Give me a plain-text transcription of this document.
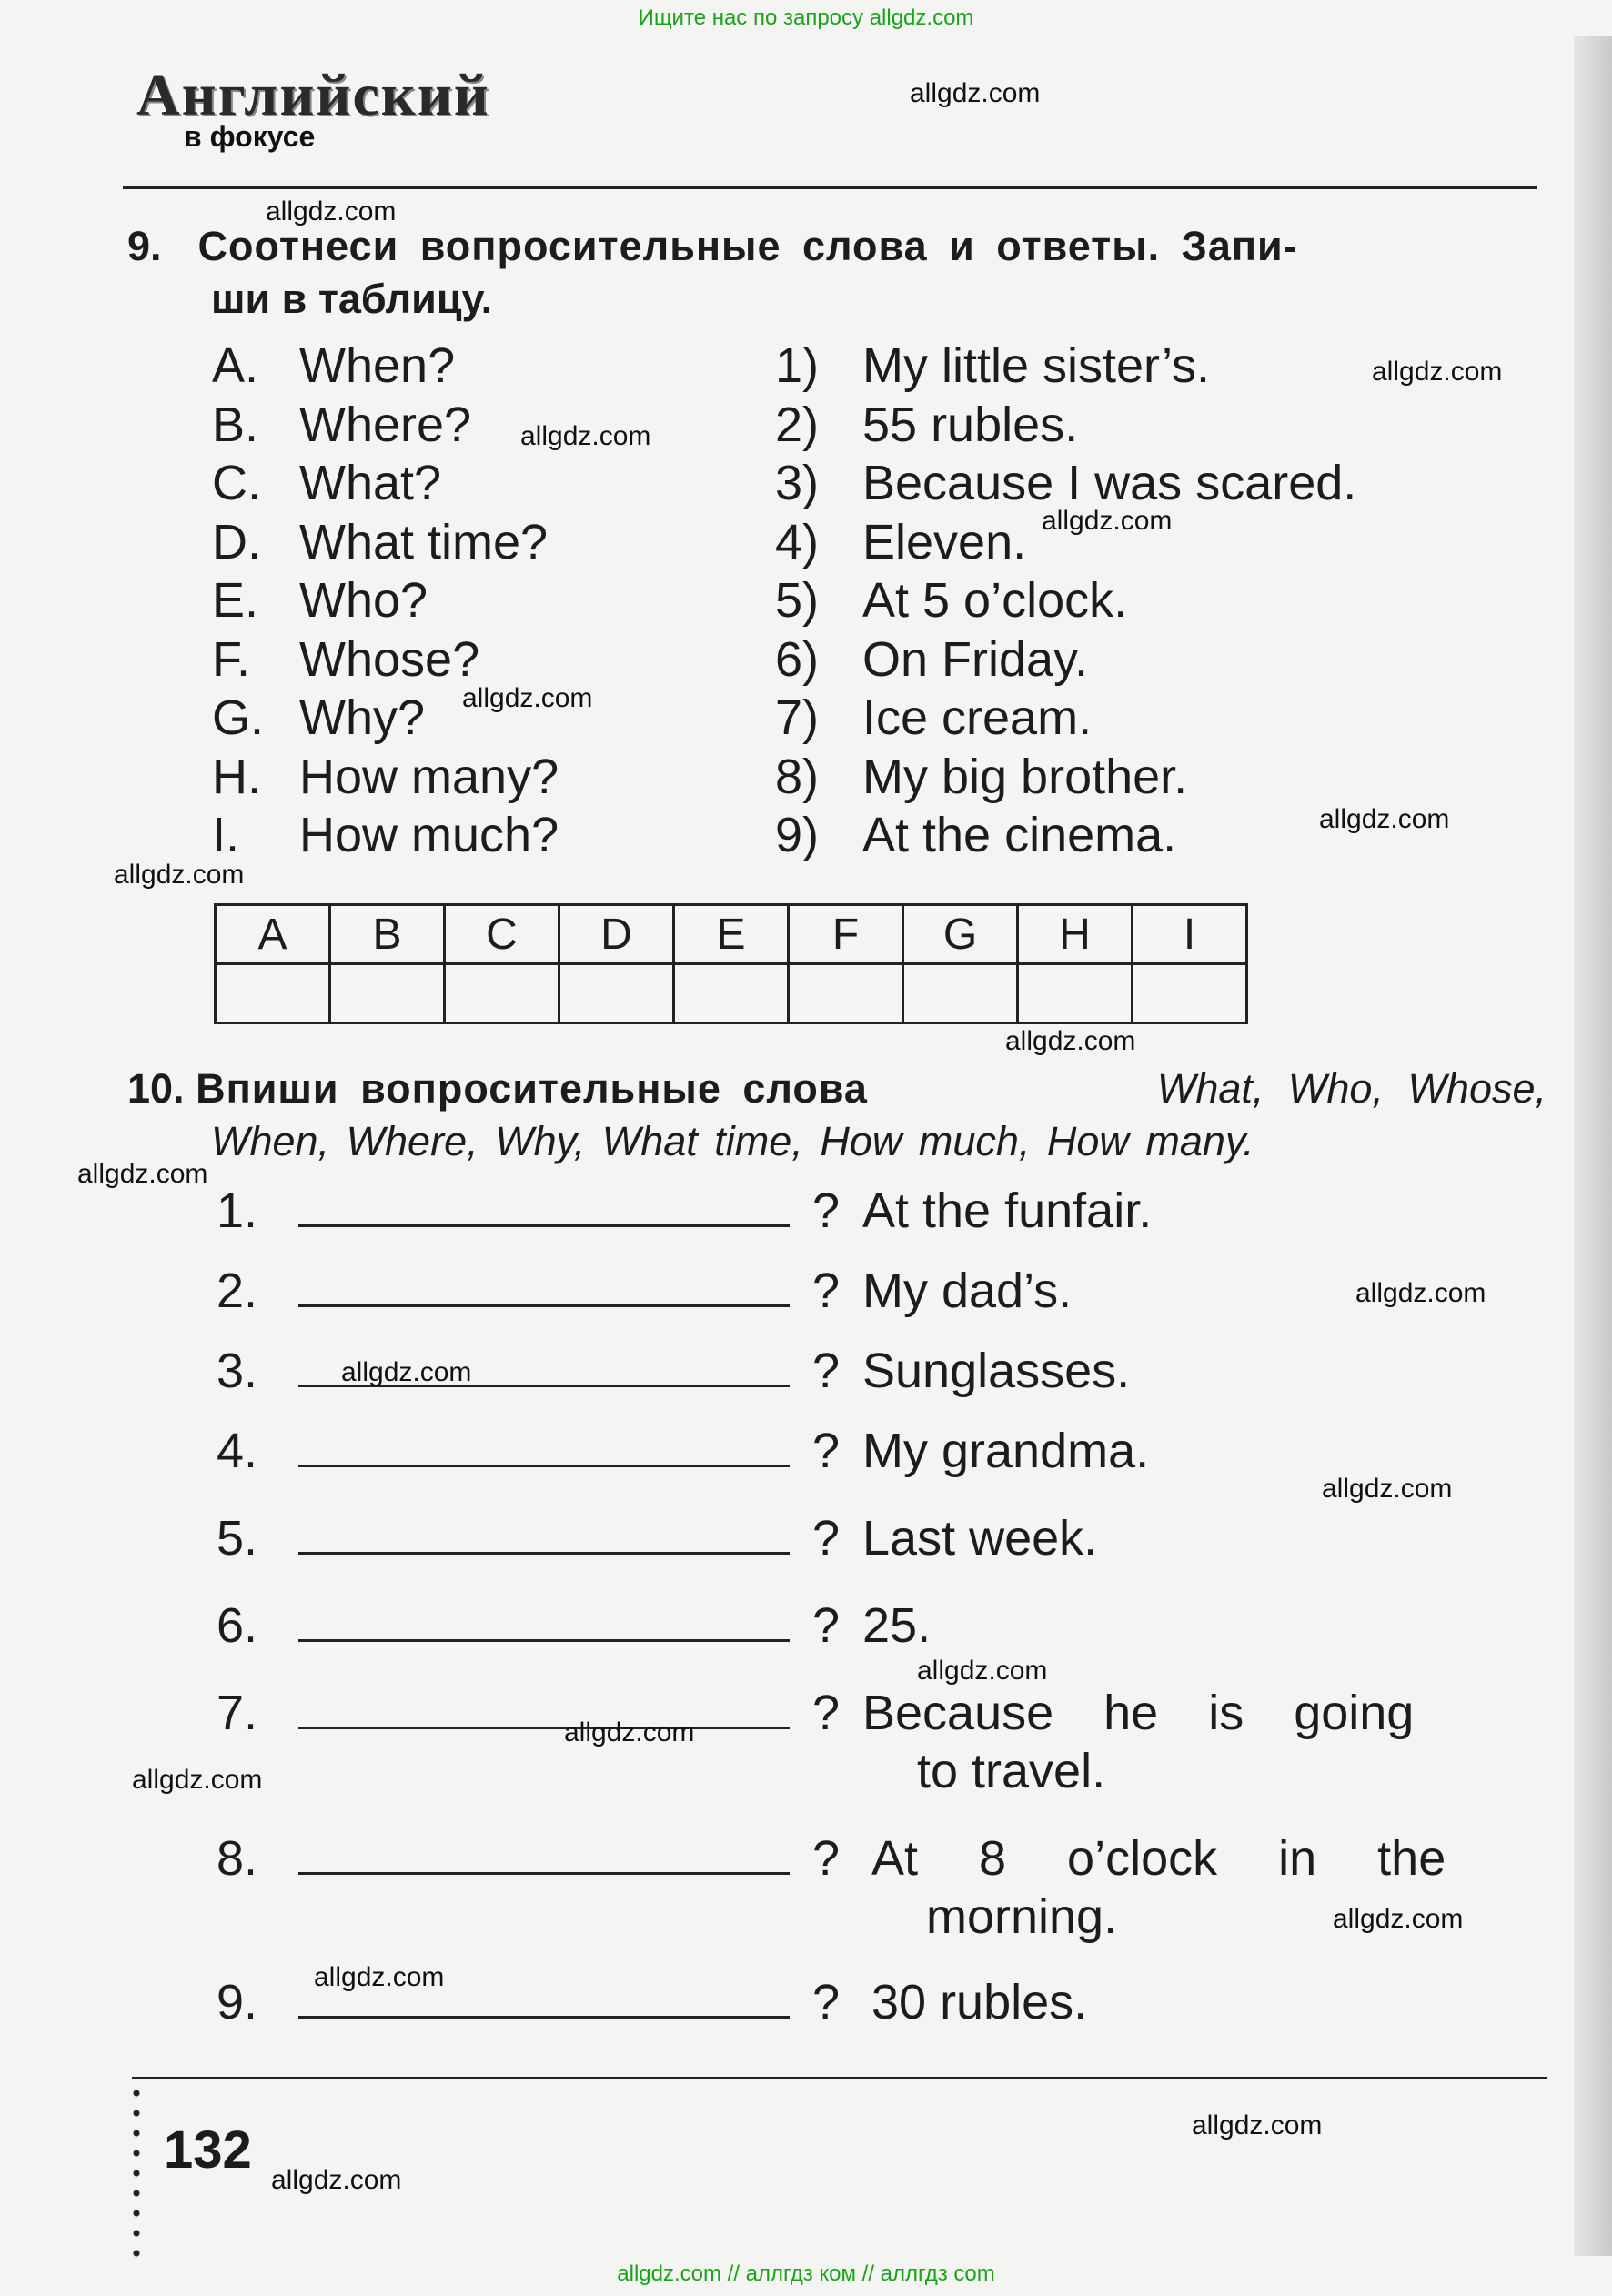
Ищите нас по запросу allgdz.com
Английский
в фокусе
allgdz.com
allgdz.com
9. Соотнеси вопросительные слова и ответы. Запи-
ши в таблицу.
A. When?
B. Where?
C. What?
D. What time?
E. Who?
F. Whose?
G. Why?
H. How many?
I. How much?
1) My little sister’s.
2) 55 rubles.
3) Because I was scared.
4) Eleven.
5) At 5 o’clock.
6) On Friday.
7) Ice cream.
8) My big brother.
9) At the cinema.
allgdz.com
allgdz.com
allgdz.com
allgdz.com
allgdz.com
allgdz.com
A	B	C	D	E	F	G	H	I

allgdz.com
10. Впиши вопросительные слова	What, Who, Whose,
When, Where, Why, What time, How much, How many.
allgdz.com
1.	? At the funfair.
2.	? My dad’s.
3.	? Sunglasses.
4.	? My grandma.
5.	? Last week.
6.	? 25.
7.	? Because he is going
to travel.
8.	? At 8 o’clock in the
morning.
9.	? 30 rubles.
allgdz.com
allgdz.com
allgdz.com
allgdz.com
allgdz.com
allgdz.com
allgdz.com
allgdz.com
132	allgdz.com
allgdz.com
allgdz.com // аллгдз ком // аллгдз com
